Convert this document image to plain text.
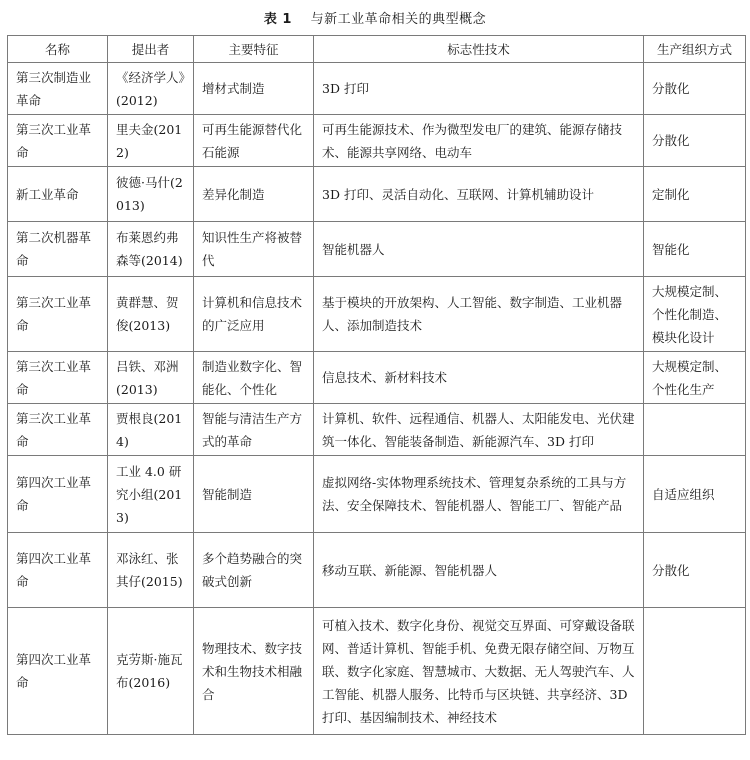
表 1 与新工业革命相关的典型概念
名称	提出者	主要特征	标志性技术	生产组织方式
第三次制造业革命	《经济学人》(2012)	增材式制造	3D 打印	分散化
第三次工业革命	里夫金(2012)	可再生能源替代化石能源	可再生能源技术、作为微型发电厂的建筑、能源存储技术、能源共享网络、电动车	分散化
新工业革命	彼德·马什(2013)	差异化制造	3D 打印、灵活自动化、互联网、计算机辅助设计	定制化
第二次机器革命	布莱恩约弗森等(2014)	知识性生产将被替代	智能机器人	智能化
第三次工业革命	黄群慧、贺俊(2013)	计算机和信息技术的广泛应用	基于模块的开放架构、人工智能、数字制造、工业机器人、添加制造技术	大规模定制、个性化制造、模块化设计
第三次工业革命	吕铁、邓洲(2013)	制造业数字化、智能化、个性化	信息技术、新材料技术	大规模定制、个性化生产
第三次工业革命	贾根良(2014)	智能与清洁生产方式的革命	计算机、软件、远程通信、机器人、太阳能发电、光伏建筑一体化、智能装备制造、新能源汽车、3D 打印	
第四次工业革命	工业 4.0 研究小组(2013)	智能制造	虚拟网络-实体物理系统技术、管理复杂系统的工具与方法、安全保障技术、智能机器人、智能工厂、智能产品	自适应组织
第四次工业革命	邓泳红、张其仔(2015)	多个趋势融合的突破式创新	移动互联、新能源、智能机器人	分散化
第四次工业革命	克劳斯·施瓦布(2016)	物理技术、数字技术和生物技术相融合	可植入技术、数字化身份、视觉交互界面、可穿戴设备联网、普适计算机、智能手机、免费无限存储空间、万物互联、数字化家庭、智慧城市、大数据、无人驾驶汽车、人工智能、机器人服务、比特币与区块链、共享经济、3D 打印、基因编制技术、神经技术	
